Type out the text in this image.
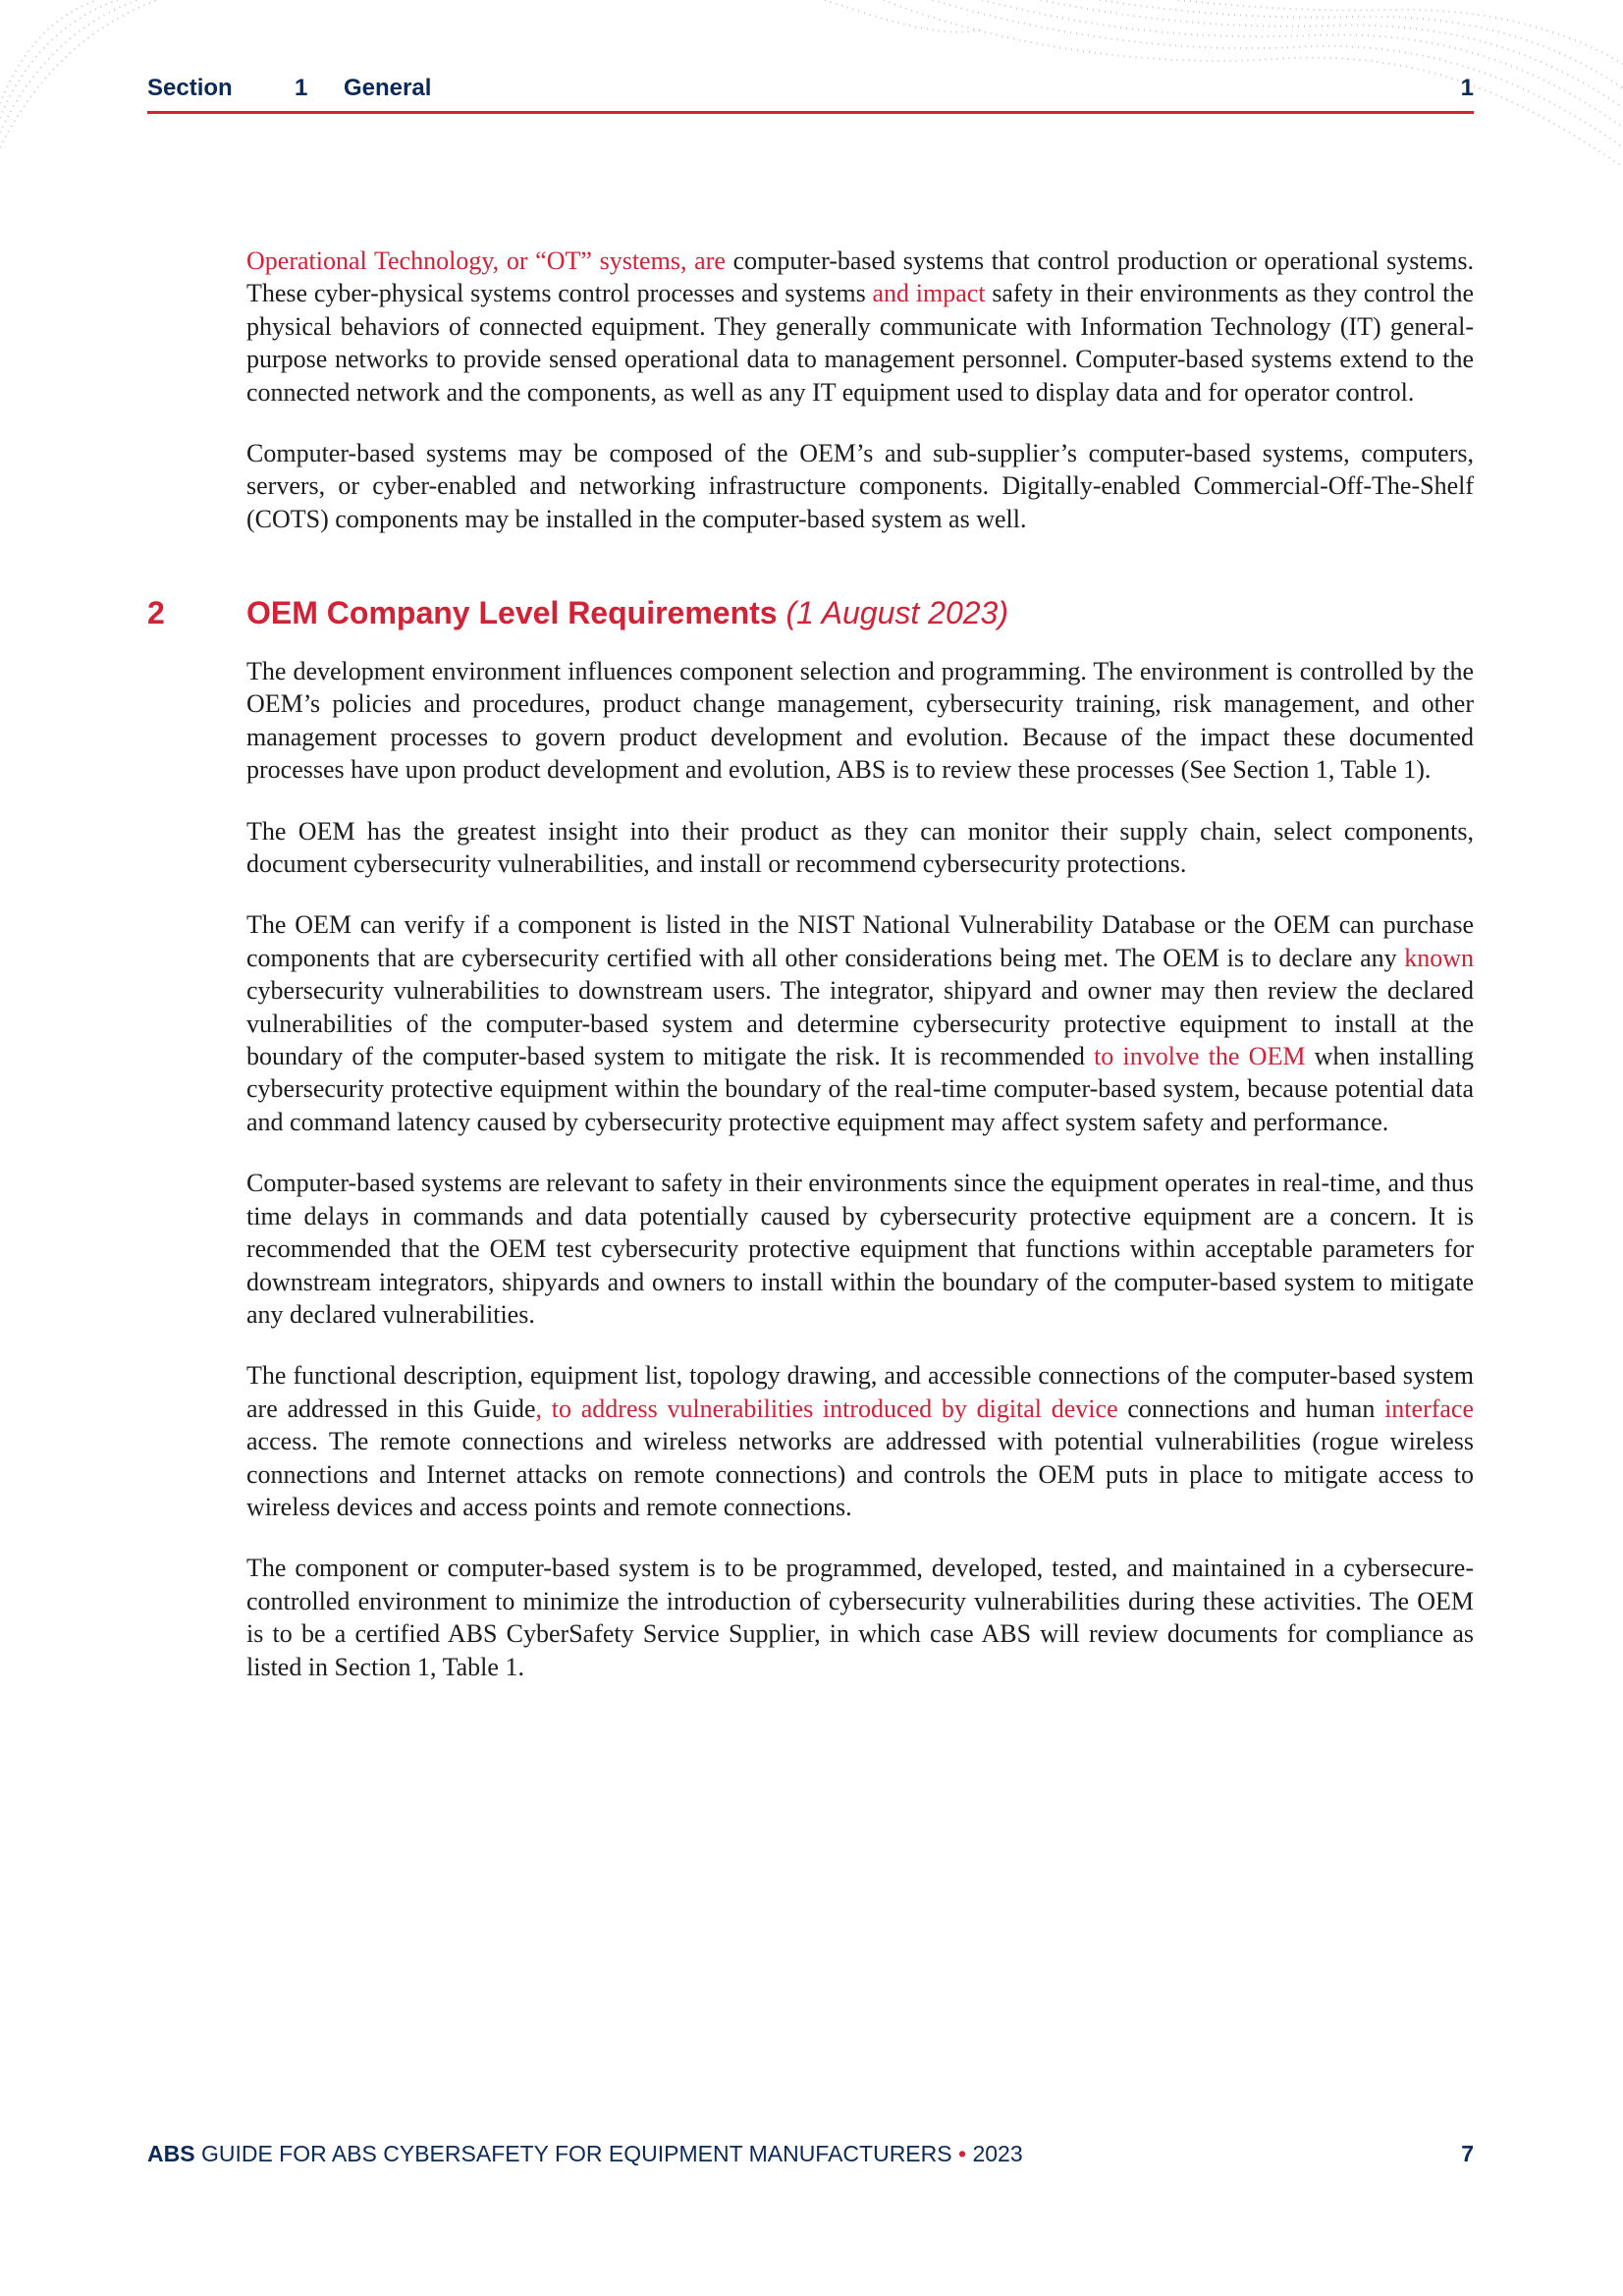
Section	1 General	1

Operational Technology, or “OT” systems, are computer-based systems that control production or operational systems. These cyber-physical systems control processes and systems and impact safety in their environments as they control the physical behaviors of connected equipment. They generally communicate with Information Technology (IT) general-purpose networks to provide sensed operational data to management personnel. Computer-based systems extend to the connected network and the components, as well as any IT equipment used to display data and for operator control.

Computer-based systems may be composed of the OEM’s and sub-supplier’s computer-based systems, computers, servers, or cyber-enabled and networking infrastructure components. Digitally-enabled Commercial-Off-The-Shelf (COTS) components may be installed in the computer-based system as well.

2	OEM Company Level Requirements (1 August 2023)

The development environment influences component selection and programming. The environment is controlled by the OEM’s policies and procedures, product change management, cybersecurity training, risk management, and other management processes to govern product development and evolution. Because of the impact these documented processes have upon product development and evolution, ABS is to review these processes (See Section 1, Table 1).

The OEM has the greatest insight into their product as they can monitor their supply chain, select components, document cybersecurity vulnerabilities, and install or recommend cybersecurity protections.

The OEM can verify if a component is listed in the NIST National Vulnerability Database or the OEM can purchase components that are cybersecurity certified with all other considerations being met. The OEM is to declare any known cybersecurity vulnerabilities to downstream users. The integrator, shipyard and owner may then review the declared vulnerabilities of the computer-based system and determine cybersecurity protective equipment to install at the boundary of the computer-based system to mitigate the risk. It is recommended to involve the OEM when installing cybersecurity protective equipment within the boundary of the real-time computer-based system, because potential data and command latency caused by cybersecurity protective equipment may affect system safety and performance.

Computer-based systems are relevant to safety in their environments since the equipment operates in real-time, and thus time delays in commands and data potentially caused by cybersecurity protective equipment are a concern. It is recommended that the OEM test cybersecurity protective equipment that functions within acceptable parameters for downstream integrators, shipyards and owners to install within the boundary of the computer-based system to mitigate any declared vulnerabilities.

The functional description, equipment list, topology drawing, and accessible connections of the computer-based system are addressed in this Guide, to address vulnerabilities introduced by digital device connections and human interface access. The remote connections and wireless networks are addressed with potential vulnerabilities (rogue wireless connections and Internet attacks on remote connections) and controls the OEM puts in place to mitigate access to wireless devices and access points and remote connections.

The component or computer-based system is to be programmed, developed, tested, and maintained in a cybersecure-controlled environment to minimize the introduction of cybersecurity vulnerabilities during these activities. The OEM is to be a certified ABS CyberSafety Service Supplier, in which case ABS will review documents for compliance as listed in Section 1, Table 1.

ABS GUIDE FOR ABS CYBERSAFETY FOR EQUIPMENT MANUFACTURERS • 2023	7
